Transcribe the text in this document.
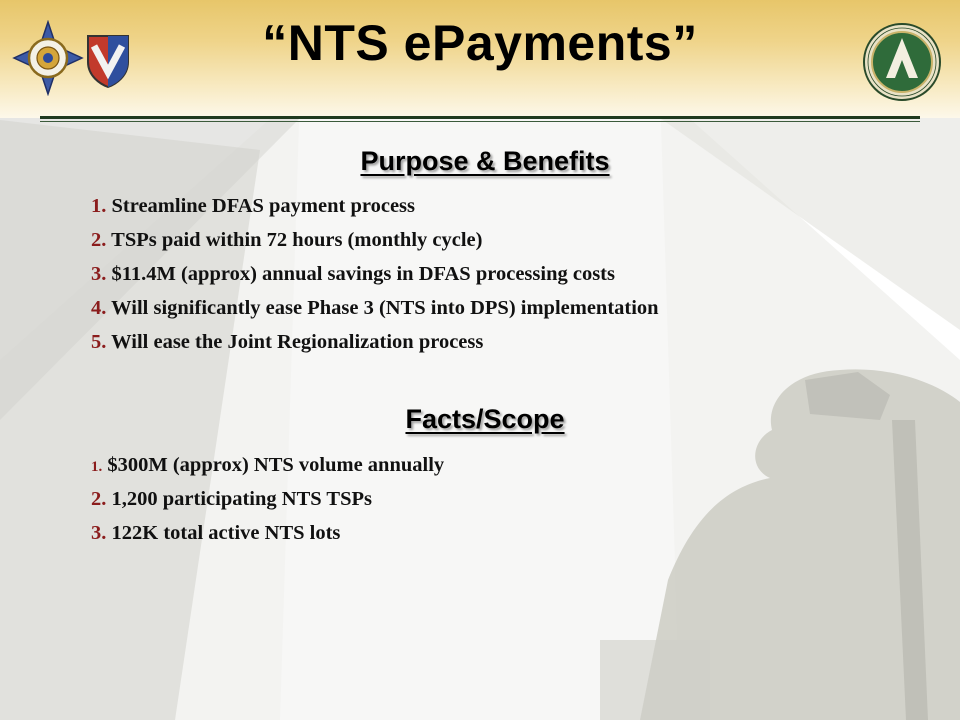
“NTS ePayments”
Purpose & Benefits
1. Streamline DFAS payment process
2. TSPs paid within 72 hours (monthly cycle)
3. $11.4M (approx) annual savings in DFAS processing costs
4. Will significantly ease Phase 3 (NTS into DPS) implementation
5. Will ease the Joint Regionalization process
Facts/Scope
1. $300M (approx) NTS volume annually
2. 1,200 participating NTS TSPs
3. 122K total active NTS lots
